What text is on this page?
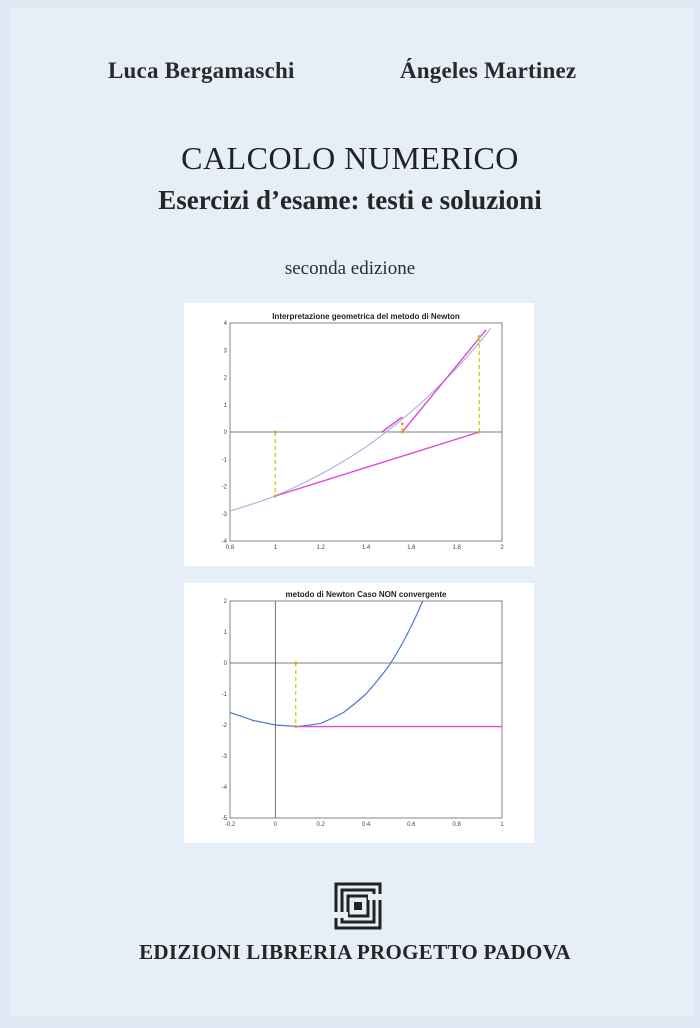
Luca Bergamaschi	Ángeles Martinez
CALCOLO NUMERICO
Esercizi d’esame: testi e soluzioni
seconda edizione
Interpretazione geometrica del metodo di Newton
0.8	1	1.2	1.4	1.6	1.8	2
4
3
2
1
0
-1
-2
-3
-4
metodo di Newton Caso NON convergente
-0.2	0	0.2	0.4	0.6	0.8	1
2
1
0
-1
-2
-3
-4
-5
EDIZIONI LIBRERIA PROGETTO PADOVA
